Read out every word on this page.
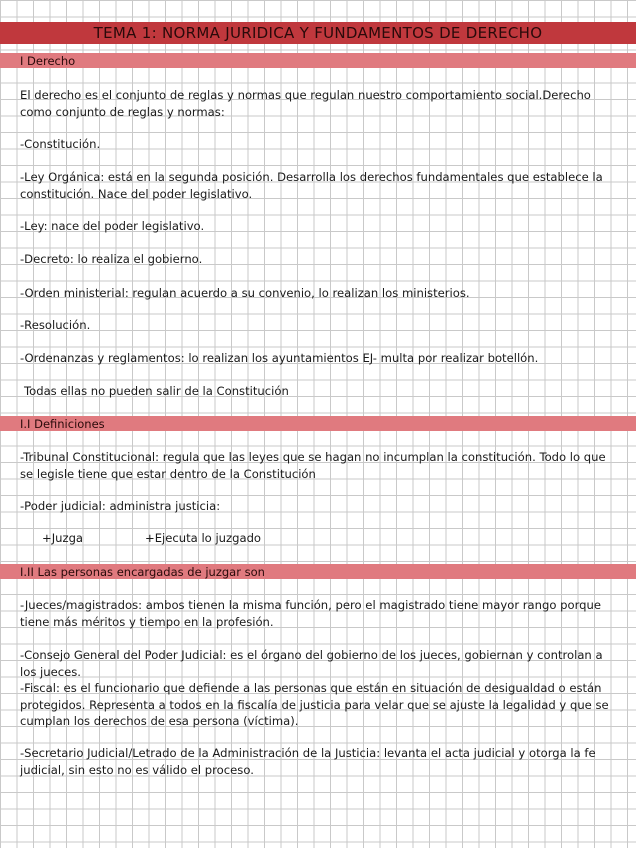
TEMA 1: NORMA JURIDICA Y FUNDAMENTOS DE DERECHO
I Derecho

El derecho es el conjunto de reglas y normas que regulan nuestro comportamiento social.Derecho como conjunto de reglas y normas:

-Constitución.

-Ley Orgánica: está en la segunda posición. Desarrolla los derechos fundamentales que establece la constitución. Nace del poder legislativo.

-Ley: nace del poder legislativo.

-Decreto: lo realiza el gobierno.

-Orden ministerial: regulan acuerdo a su convenio, lo realizan los ministerios.

-Resolución.

-Ordenanzas y reglamentos: lo realizan los ayuntamientos EJ- multa por realizar botellón.

Todas ellas no pueden salir de la Constitución

I.I Definiciones

-Tribunal Constitucional: regula que las leyes que se hagan no incumplan la constitución. Todo lo que se legisle tiene que estar dentro de la Constitución

-Poder judicial: administra justicia:

+Juzga	+Ejecuta lo juzgado
I.II Las personas encargadas de juzgar son

-Jueces/magistrados: ambos tienen la misma función, pero el magistrado tiene mayor rango porque tiene más méritos y tiempo en la profesión.

-Consejo General del Poder Judicial: es el órgano del gobierno de los jueces, gobiernan y controlan a los jueces.

-Fiscal: es el funcionario que defiende a las personas que están en situación de desigualdad o están protegidos. Representa a todos en la fiscalía de justicia para velar que se ajuste la legalidad y que se cumplan los derechos de esa persona (víctima).

-Secretario Judicial/Letrado de la Administración de la Justicia: levanta el acta judicial y otorga la fe judicial, sin esto no es válido el proceso.
